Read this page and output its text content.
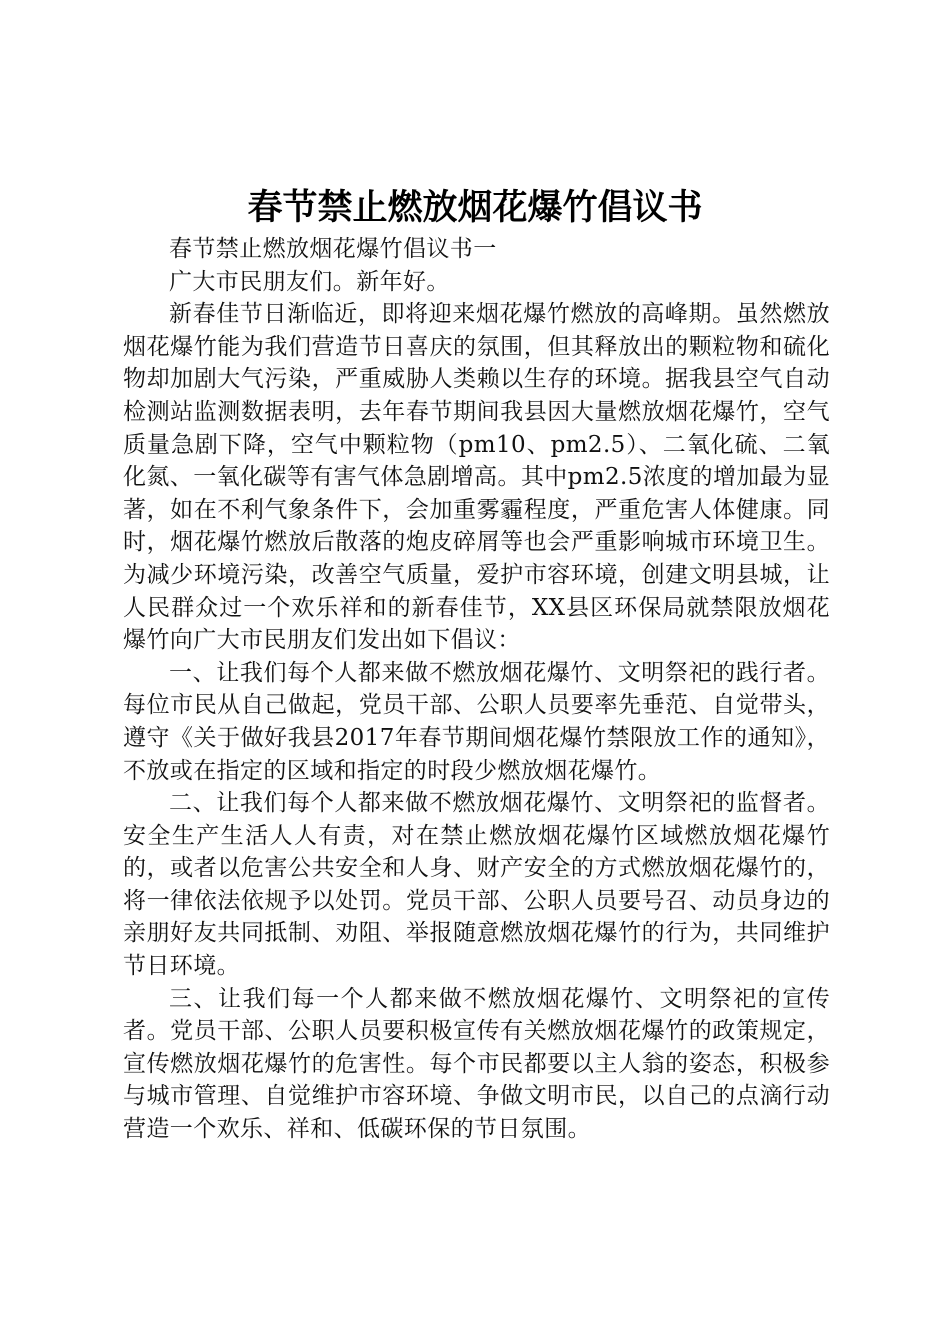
春节禁止燃放烟花爆竹倡议书

春节禁止燃放烟花爆竹倡议书一

广大市民朋友们。新年好。

新春佳节日渐临近，即将迎来烟花爆竹燃放的高峰期。虽然燃放烟花爆竹能为我们营造节日喜庆的氛围，但其释放出的颗粒物和硫化物却加剧大气污染，严重威胁人类赖以生存的环境。据我县空气自动检测站监测数据表明，去年春节期间我县因大量燃放烟花爆竹，空气质量急剧下降，空气中颗粒物（pm10、pm2.5）、二氧化硫、二氧化氮、一氧化碳等有害气体急剧增高。其中pm2.5浓度的增加最为显著，如在不利气象条件下，会加重雾霾程度，严重危害人体健康。同时，烟花爆竹燃放后散落的炮皮碎屑等也会严重影响城市环境卫生。为减少环境污染，改善空气质量，爱护市容环境，创建文明县城，让人民群众过一个欢乐祥和的新春佳节，XX县区环保局就禁限放烟花爆竹向广大市民朋友们发出如下倡议：

一、让我们每个人都来做不燃放烟花爆竹、文明祭祀的践行者。每位市民从自己做起，党员干部、公职人员要率先垂范、自觉带头，遵守《关于做好我县2017年春节期间烟花爆竹禁限放工作的通知》，不放或在指定的区域和指定的时段少燃放烟花爆竹。

二、让我们每个人都来做不燃放烟花爆竹、文明祭祀的监督者。安全生产生活人人有责，对在禁止燃放烟花爆竹区域燃放烟花爆竹的，或者以危害公共安全和人身、财产安全的方式燃放烟花爆竹的，将一律依法依规予以处罚。党员干部、公职人员要号召、动员身边的亲朋好友共同抵制、劝阻、举报随意燃放烟花爆竹的行为，共同维护节日环境。

三、让我们每一个人都来做不燃放烟花爆竹、文明祭祀的宣传者。党员干部、公职人员要积极宣传有关燃放烟花爆竹的政策规定，宣传燃放烟花爆竹的危害性。每个市民都要以主人翁的姿态，积极参与城市管理、自觉维护市容环境、争做文明市民，以自己的点滴行动营造一个欢乐、祥和、低碳环保的节日氛围。
